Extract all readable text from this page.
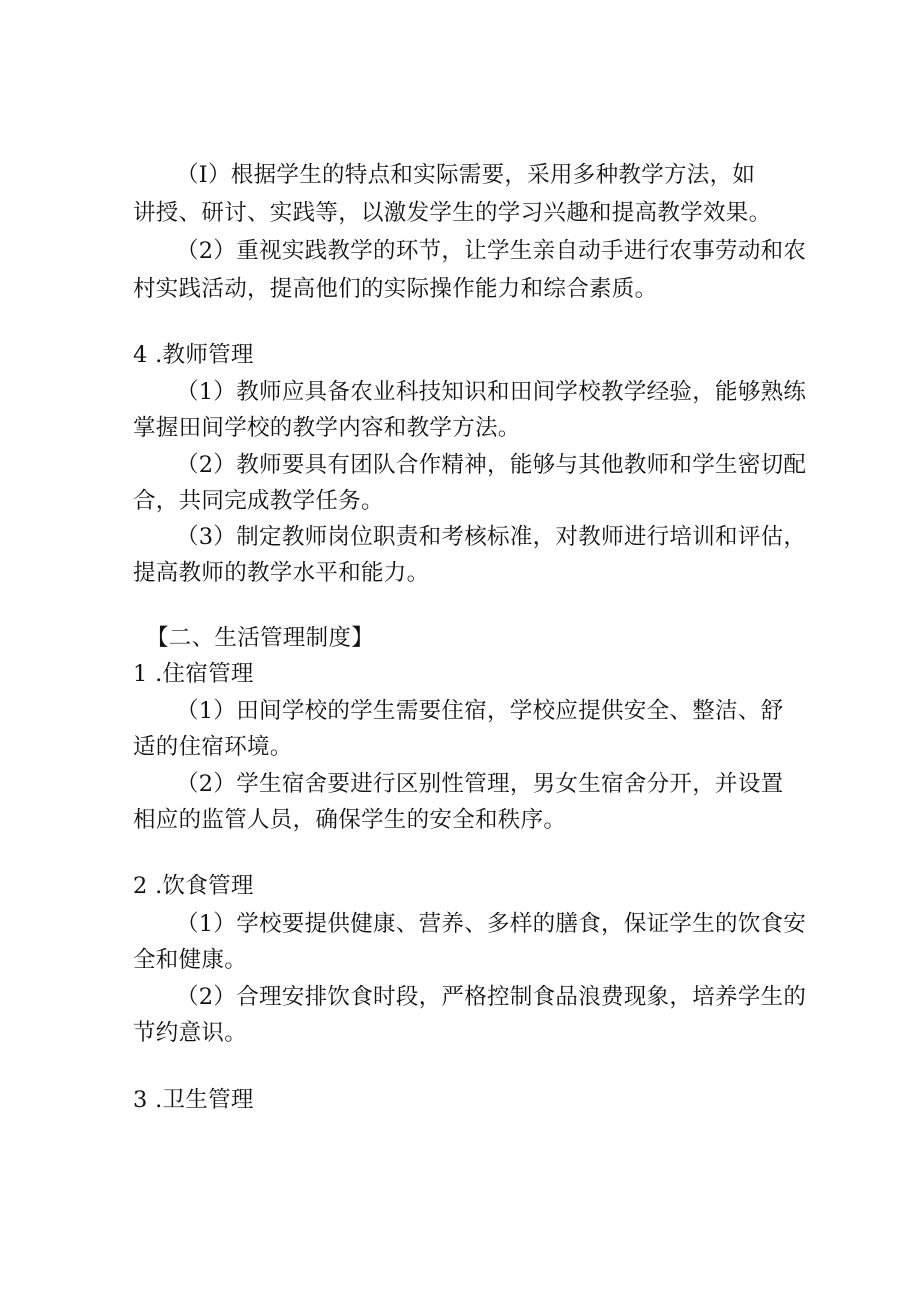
（I）根据学生的特点和实际需要，采用多种教学方法，如
讲授、研讨、实践等，以激发学生的学习兴趣和提高教学效果。
（2）重视实践教学的环节，让学生亲自动手进行农事劳动和农
村实践活动，提高他们的实际操作能力和综合素质。
4 .教师管理
（1）教师应具备农业科技知识和田间学校教学经验，能够熟练
掌握田间学校的教学内容和教学方法。
（2）教师要具有团队合作精神，能够与其他教师和学生密切配
合，共同完成教学任务。
（3）制定教师岗位职责和考核标准，对教师进行培训和评估，
提高教师的教学水平和能力。
【二、生活管理制度】
1 .住宿管理
（1）田间学校的学生需要住宿，学校应提供安全、整洁、舒
适的住宿环境。
（2）学生宿舍要进行区别性管理，男女生宿舍分开，并设置
相应的监管人员，确保学生的安全和秩序。
2 .饮食管理
（1）学校要提供健康、营养、多样的膳食，保证学生的饮食安
全和健康。
（2）合理安排饮食时段，严格控制食品浪费现象，培养学生的
节约意识。
3 .卫生管理
